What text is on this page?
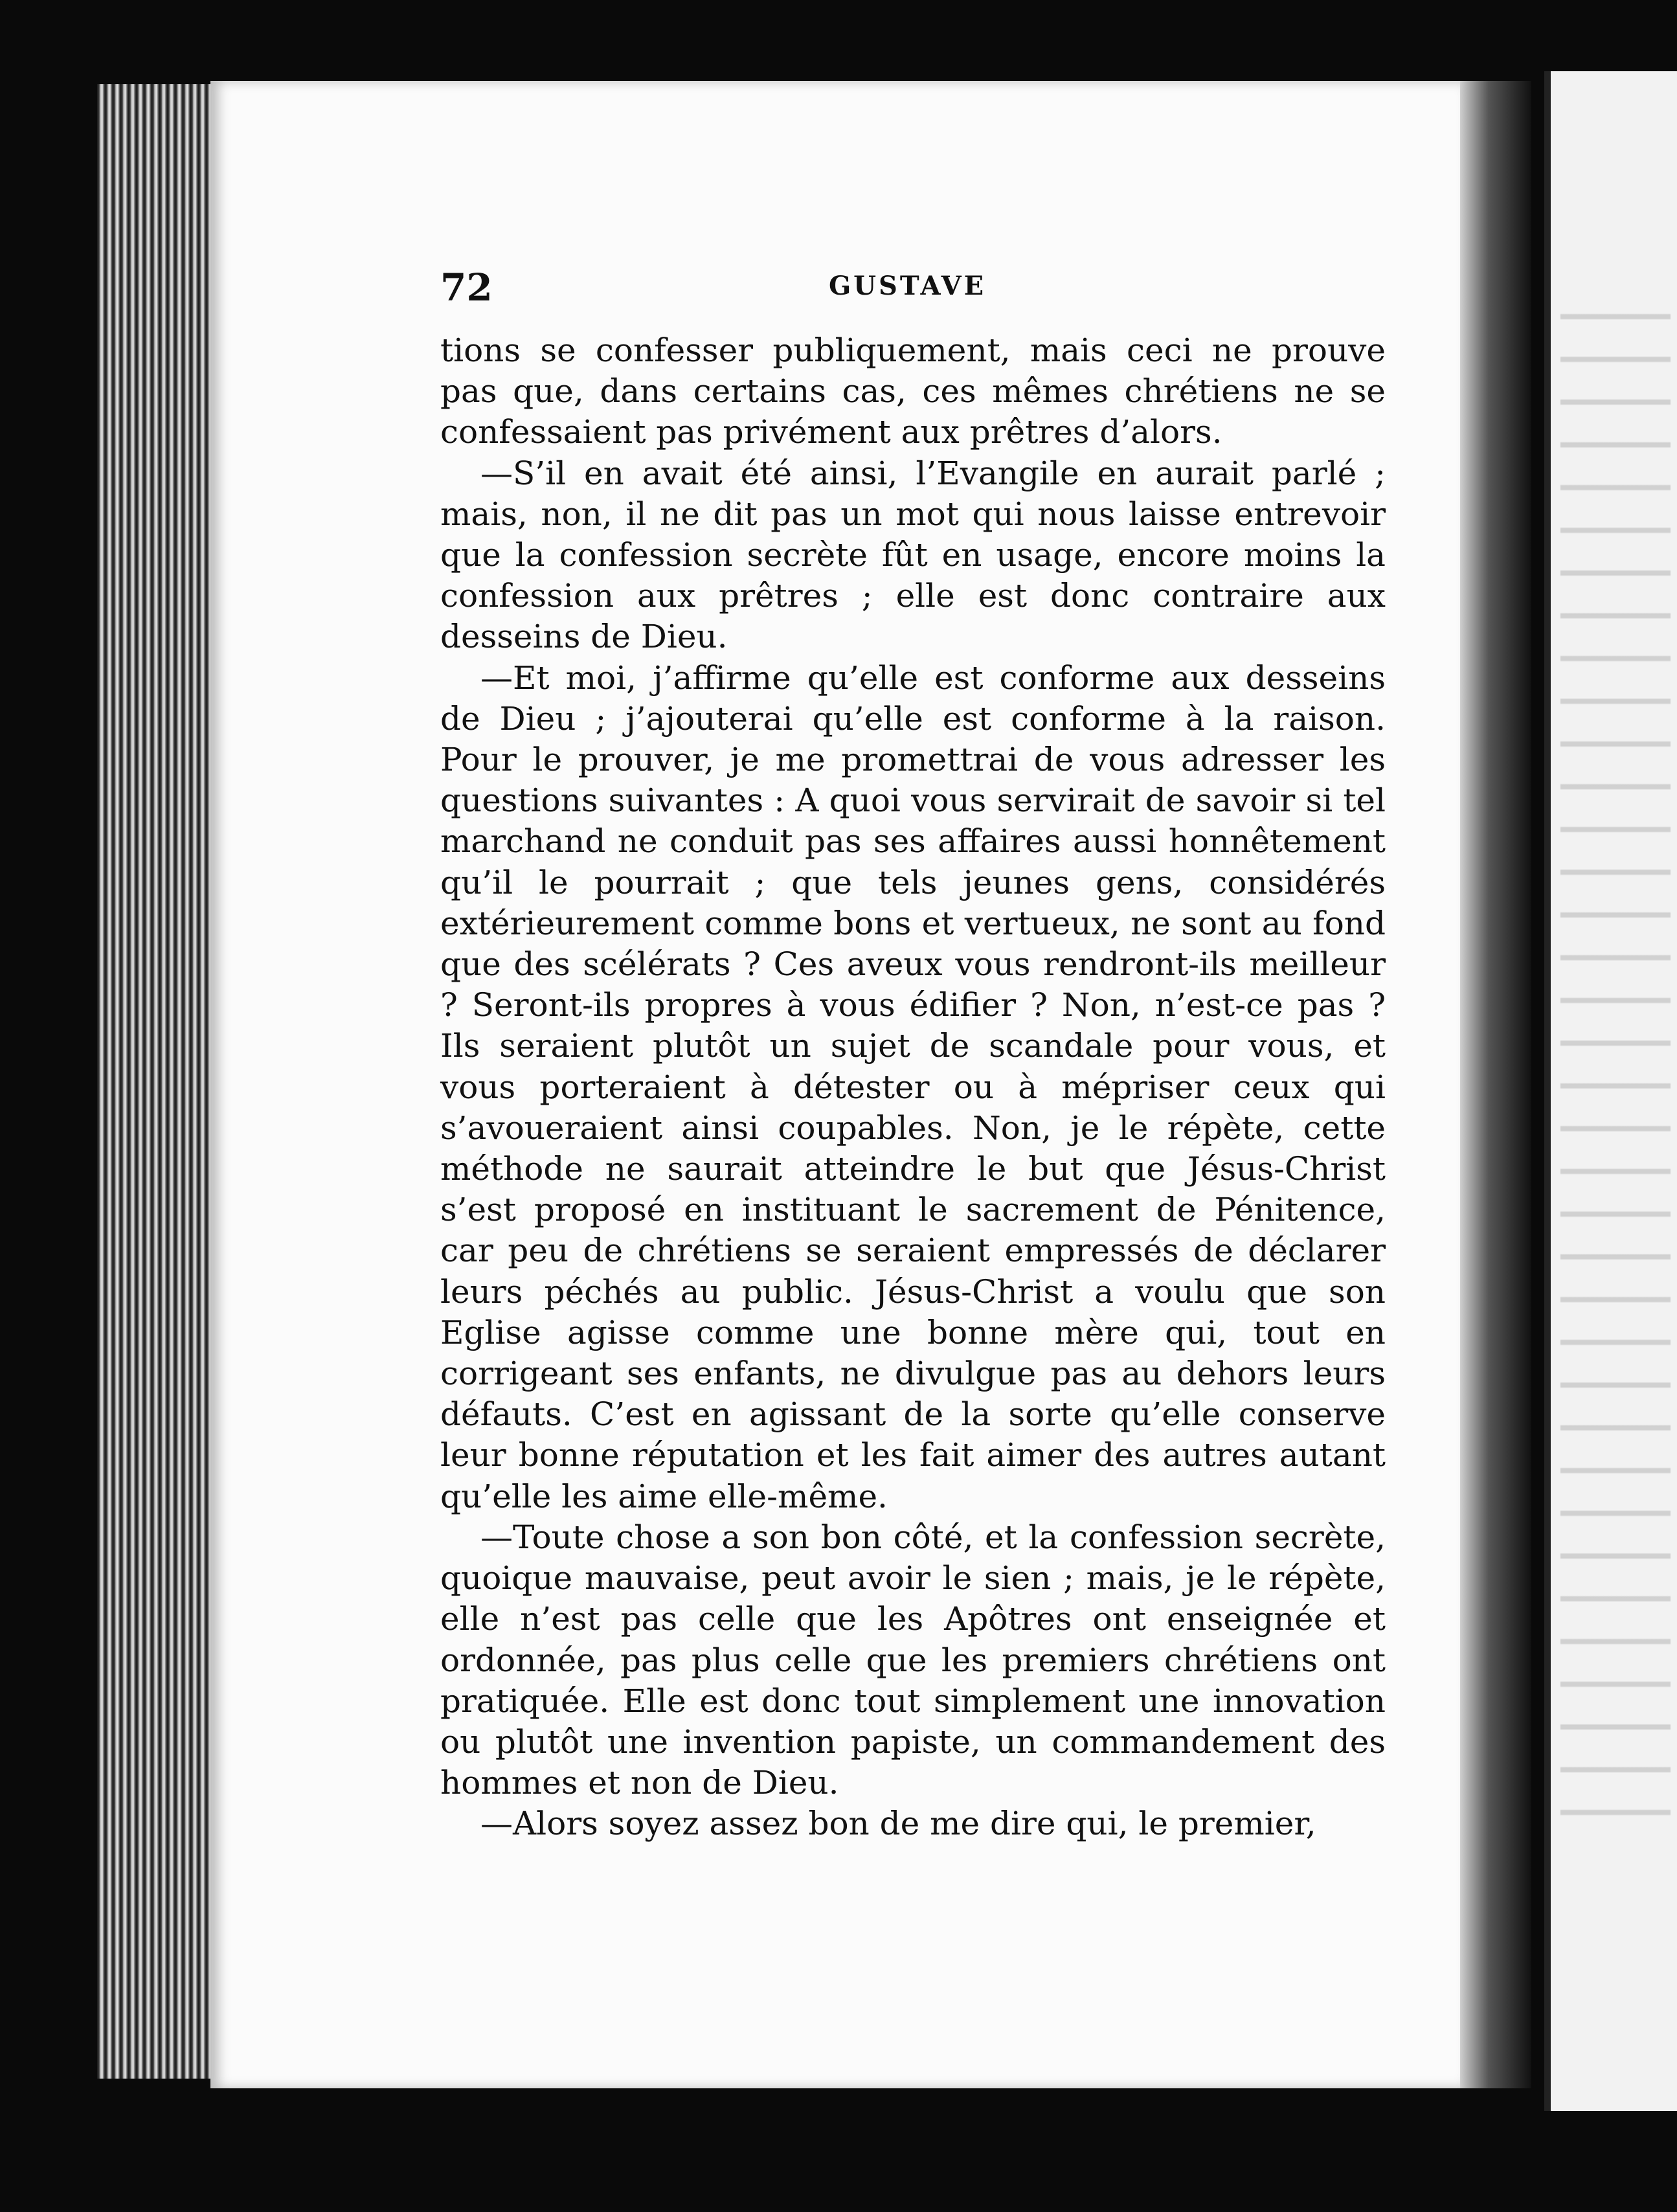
72	GUSTAVE

tions se confesser publiquement, mais ceci ne prouve pas que, dans certains cas, ces mêmes chrétiens ne se confessaient pas privément aux prêtres d’alors.

—S’il en avait été ainsi, l’Evangile en aurait parlé ; mais, non, il ne dit pas un mot qui nous laisse entrevoir que la confession secrète fût en usage, encore moins la confession aux prêtres ; elle est donc contraire aux desseins de Dieu.

—Et moi, j’affirme qu’elle est conforme aux desseins de Dieu ; j’ajouterai qu’elle est conforme à la raison. Pour le prouver, je me promettrai de vous adresser les questions suivantes : A quoi vous servirait de savoir si tel marchand ne conduit pas ses affaires aussi honnêtement qu’il le pourrait ; que tels jeunes gens, considérés extérieurement comme bons et vertueux, ne sont au fond que des scélérats ? Ces aveux vous rendront-ils meilleur ? Seront-ils propres à vous édifier ? Non, n’est-ce pas ? Ils seraient plutôt un sujet de scandale pour vous, et vous porteraient à détester ou à mépriser ceux qui s’avoueraient ainsi coupables. Non, je le répète, cette méthode ne saurait atteindre le but que Jésus-Christ s’est proposé en instituant le sacrement de Pénitence, car peu de chrétiens se seraient empressés de déclarer leurs péchés au public. Jésus-Christ a voulu que son Eglise agisse comme une bonne mère qui, tout en corrigeant ses enfants, ne divulgue pas au dehors leurs défauts. C’est en agissant de la sorte qu’elle conserve leur bonne réputation et les fait aimer des autres autant qu’elle les aime elle-même.

—Toute chose a son bon côté, et la confession secrète, quoique mauvaise, peut avoir le sien ; mais, je le répète, elle n’est pas celle que les Apôtres ont enseignée et ordonnée, pas plus celle que les premiers chrétiens ont pratiquée. Elle est donc tout simplement une innovation ou plutôt une invention papiste, un commandement des hommes et non de Dieu.

—Alors soyez assez bon de me dire qui, le premier,
